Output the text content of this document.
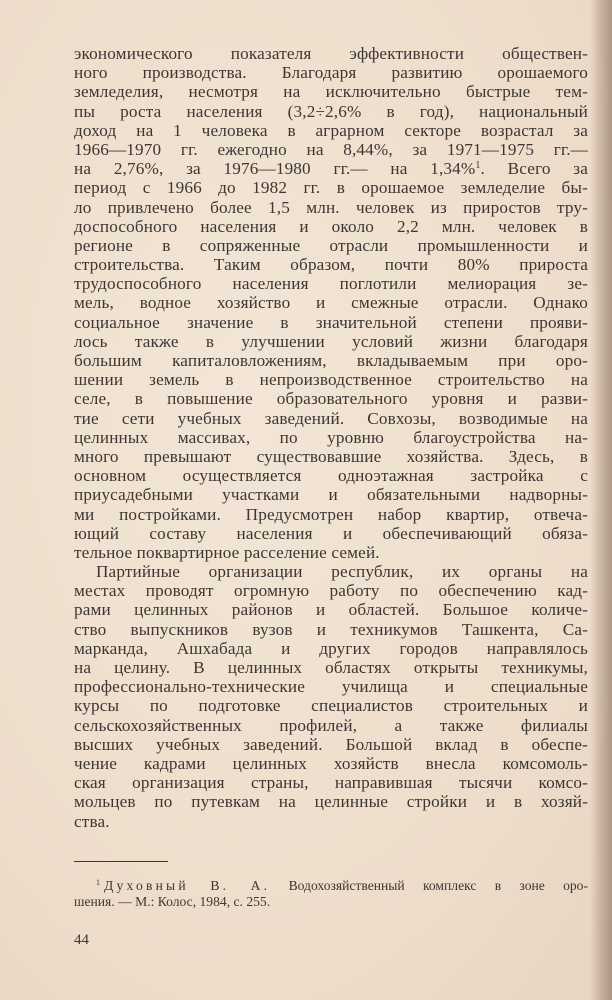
экономического показателя эффективности обществен-
ного производства. Благодаря развитию орошаемого
земледелия, несмотря на исключительно быстрые тем-
пы роста населения (3,2÷2,6% в год), национальный
доход на 1 человека в аграрном секторе возрастал за
1966—1970 гг. ежегодно на 8,44%, за 1971—1975 гг.—
на 2,76%, за 1976—1980 гг.— на 1,34%$^1$. Всего за
период с 1966 до 1982 гг. в орошаемое земледелие бы-
ло привлечено более 1,5 млн. человек из приростов тру-
доспособного населения и около 2,2 млн. человек в
регионе в сопряженные отрасли промышленности и
строительства. Таким образом, почти 80% прироста
трудоспособного населения поглотили мелиорация зе-
мель, водное хозяйство и смежные отрасли. Однако
социальное значение в значительной степени прояви-
лось также в улучшении условий жизни благодаря
большим капиталовложениям, вкладываемым при оро-
шении земель в непроизводственное строительство на
селе, в повышение образовательного уровня и разви-
тие сети учебных заведений. Совхозы, возводимые на
целинных массивах, по уровню благоустройства на-
много превышают существовавшие хозяйства. Здесь, в
основном осуществляется одноэтажная застройка с
приусадебными участками и обязательными надворны-
ми постройками. Предусмотрен набор квартир, отвеча-
ющий составу населения и обеспечивающий обяза-
тельное поквартирное расселение семей.
Партийные организации республик, их органы на
местах проводят огромную работу по обеспечению кад-
рами целинных районов и областей. Большое количе-
ство выпускников вузов и техникумов Ташкента, Са-
марканда, Ашхабада и других городов направлялось
на целину. В целинных областях открыты техникумы,
профессионально-технические училища и специальные
курсы по подготовке специалистов строительных и
сельскохозяйственных профилей, а также филиалы
высших учебных заведений. Большой вклад в обеспе-
чение кадрами целинных хозяйств внесла комсомоль-
ская организация страны, направившая тысячи комсо-
мольцев по путевкам на целинные стройки и в хозяй-
ства.
$^1$ Духовный В. А. Водохозяйственный комплекс в зоне оро-
шения. — М.: Колос, 1984, с. 255.
44
